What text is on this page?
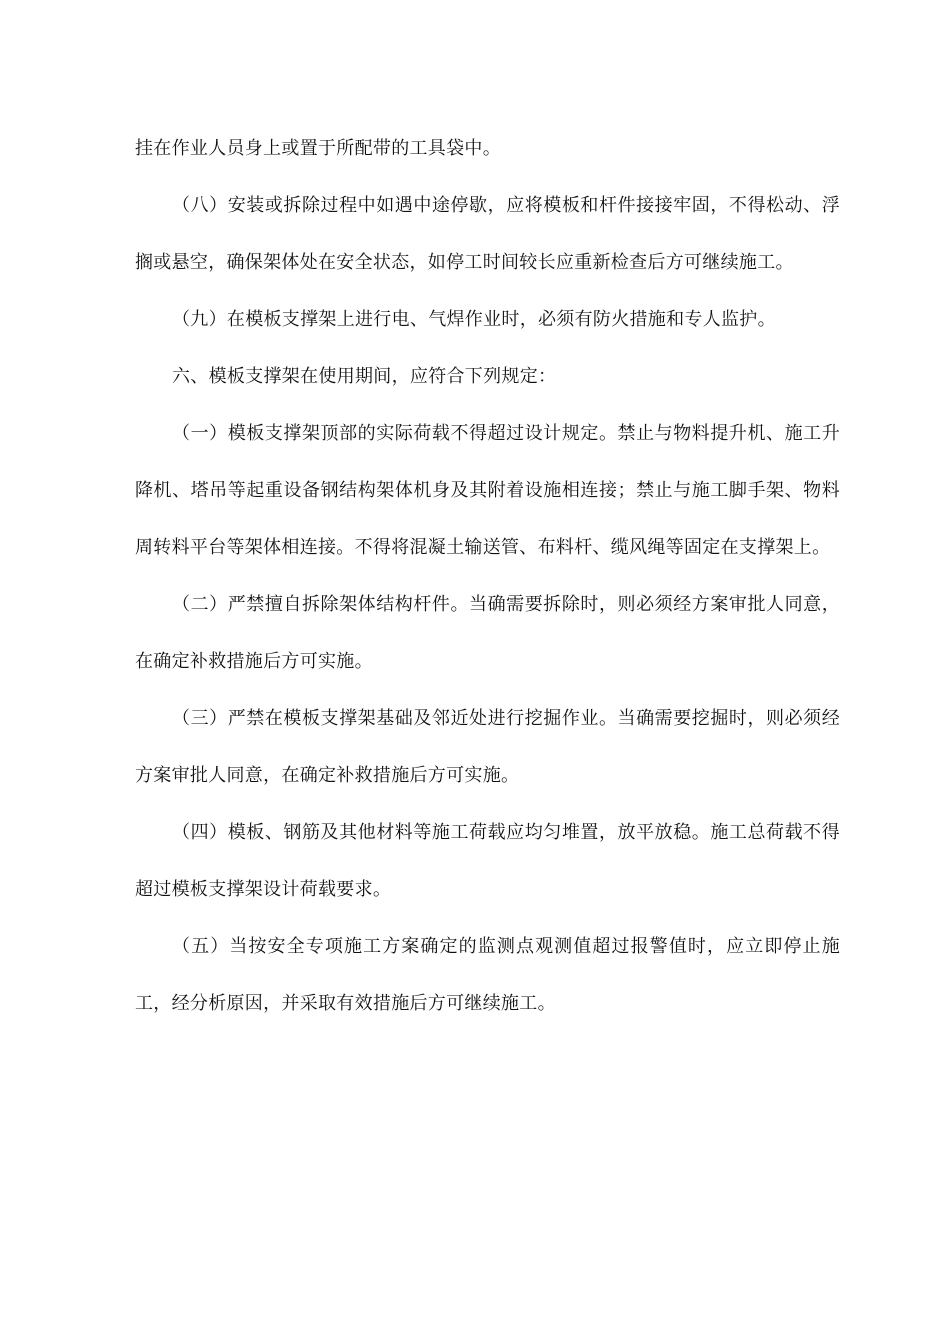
挂在作业人员身上或置于所配带的工具袋中。

（八）安装或拆除过程中如遇中途停歇，应将模板和杆件接接牢固，不得松动、浮搁或悬空，确保架体处在安全状态，如停工时间较长应重新检查后方可继续施工。

（九）在模板支撑架上进行电、气焊作业时，必须有防火措施和专人监护。

六、模板支撑架在使用期间，应符合下列规定：

（一）模板支撑架顶部的实际荷载不得超过设计规定。禁止与物料提升机、施工升降机、塔吊等起重设备钢结构架体机身及其附着设施相连接；禁止与施工脚手架、物料周转料平台等架体相连接。不得将混凝土输送管、布料杆、缆风绳等固定在支撑架上。

（二）严禁擅自拆除架体结构杆件。当确需要拆除时，则必须经方案审批人同意，在确定补救措施后方可实施。

（三）严禁在模板支撑架基础及邻近处进行挖掘作业。当确需要挖掘时，则必须经方案审批人同意，在确定补救措施后方可实施。

（四）模板、钢筋及其他材料等施工荷载应均匀堆置，放平放稳。施工总荷载不得超过模板支撑架设计荷载要求。

（五）当按安全专项施工方案确定的监测点观测值超过报警值时，应立即停止施工，经分析原因，并采取有效措施后方可继续施工。
